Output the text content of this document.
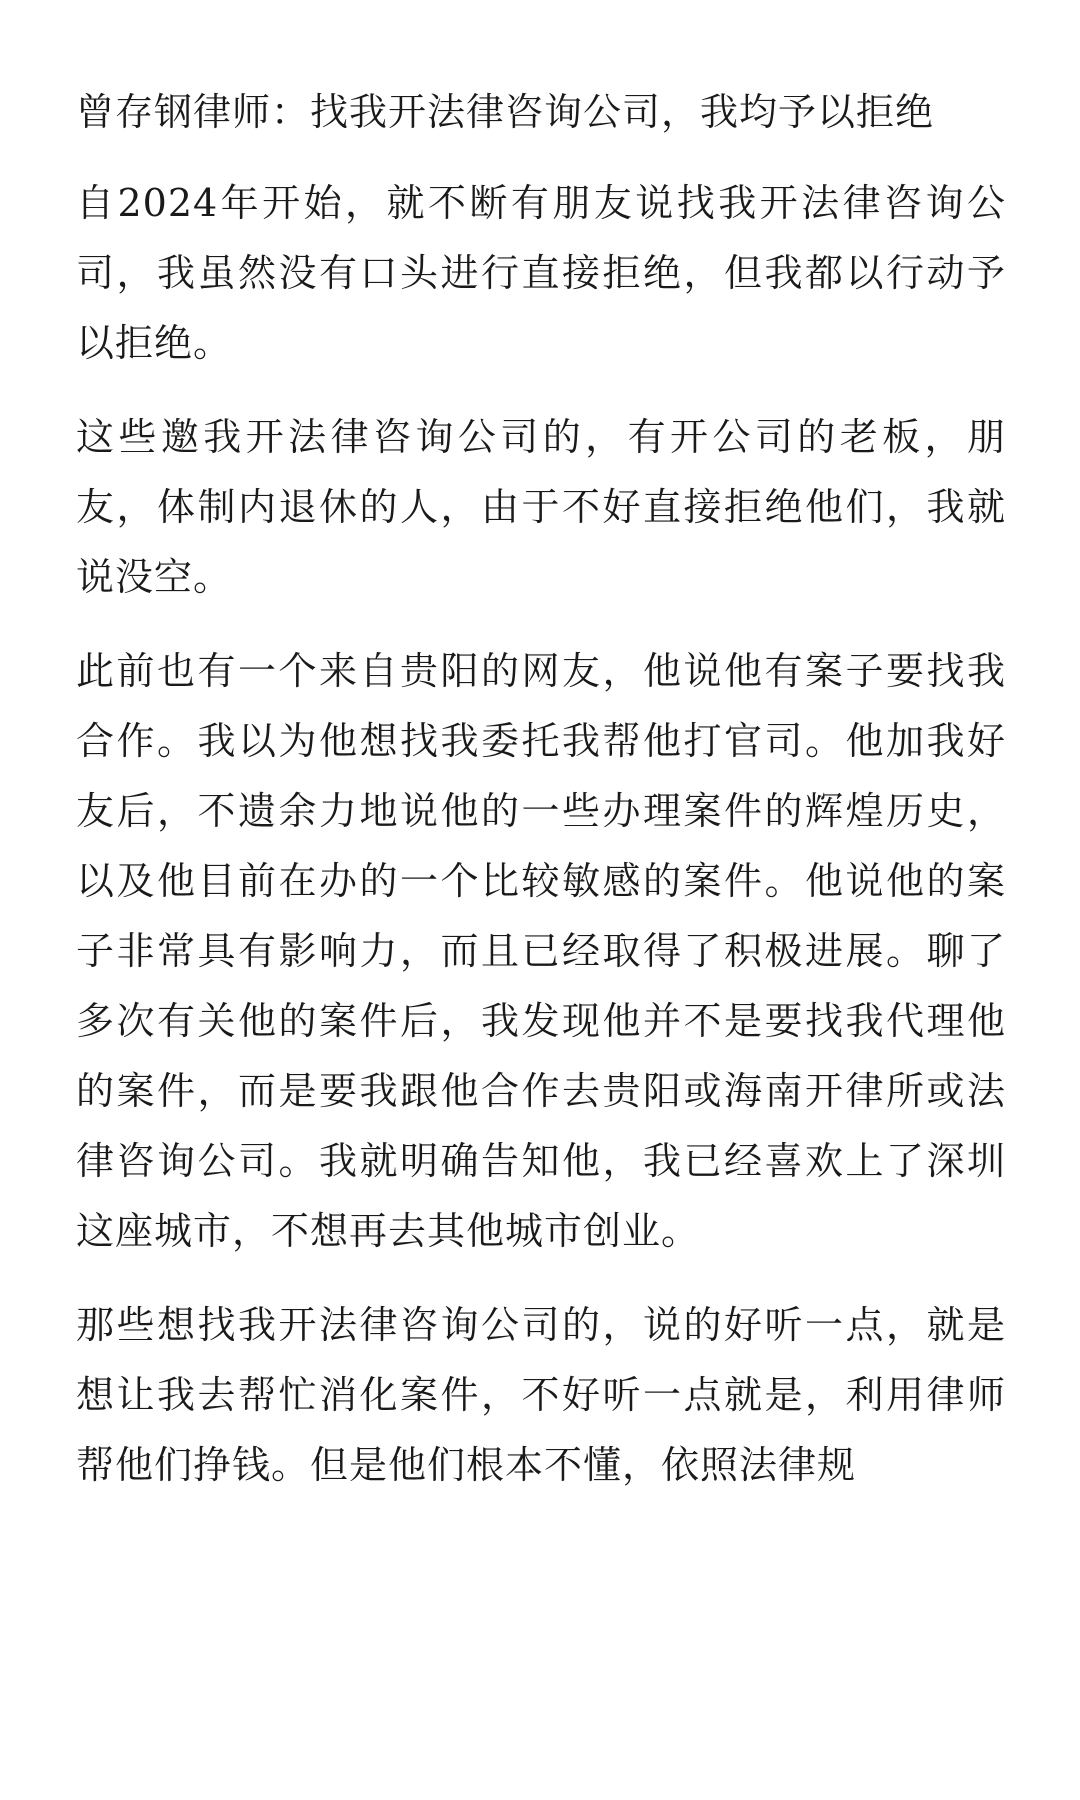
曾存钢律师：找我开法律咨询公司，我均予以拒绝

自2024年开始，就不断有朋友说找我开法律咨询公司，我虽然没有口头进行直接拒绝，但我都以行动予以拒绝。

这些邀我开法律咨询公司的，有开公司的老板，朋友，体制内退休的人，由于不好直接拒绝他们，我就说没空。

此前也有一个来自贵阳的网友，他说他有案子要找我合作。我以为他想找我委托我帮他打官司。他加我好友后，不遗余力地说他的一些办理案件的辉煌历史，以及他目前在办的一个比较敏感的案件。他说他的案子非常具有影响力，而且已经取得了积极进展。聊了多次有关他的案件后，我发现他并不是要找我代理他的案件，而是要我跟他合作去贵阳或海南开律所或法律咨询公司。我就明确告知他，我已经喜欢上了深圳这座城市，不想再去其他城市创业。

那些想找我开法律咨询公司的，说的好听一点，就是想让我去帮忙消化案件，不好听一点就是，利用律师帮他们挣钱。但是他们根本不懂，依照法律规
